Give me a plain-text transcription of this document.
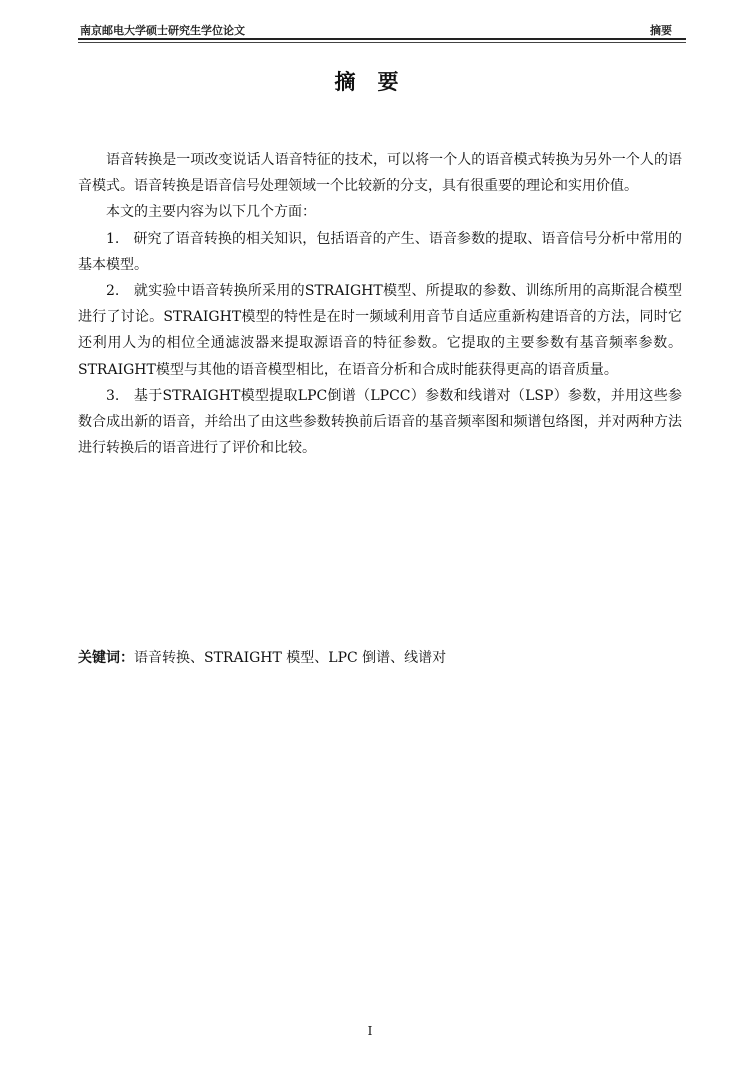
南京邮电大学硕士研究生学位论文	摘要
摘要

语音转换是一项改变说话人语音特征的技术，可以将一个人的语音模式转换为另外一个人的语音模式。语音转换是语音信号处理领域一个比较新的分支，具有很重要的理论和实用价值。

本文的主要内容为以下几个方面：

1.　研究了语音转换的相关知识，包括语音的产生、语音参数的提取、语音信号分析中常用的基本模型。

2.　就实验中语音转换所采用的STRAIGHT模型、所提取的参数、训练所用的高斯混合模型进行了讨论。STRAIGHT模型的特性是在时一频域利用音节自适应重新构建语音的方法，同时它还利用人为的相位全通滤波器来提取源语音的特征参数。它提取的主要参数有基音频率参数。 STRAIGHT模型与其他的语音模型相比，在语音分析和合成时能获得更高的语音质量。

3.　基于STRAIGHT模型提取LPC倒谱（LPCC）参数和线谱对（LSP）参数，并用这些参数合成出新的语音，并给出了由这些参数转换前后语音的基音频率图和频谱包络图，并对两种方法进行转换后的语音进行了评价和比较。

关键词：语音转换、STRAIGHT 模型、LPC 倒谱、线谱对
I
